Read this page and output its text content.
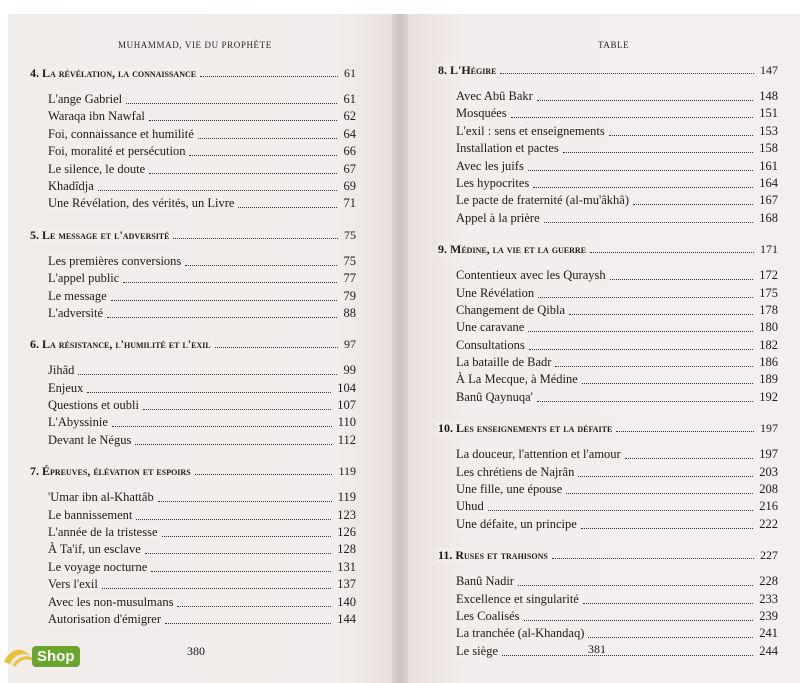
MUHAMMAD, VIE DU PROPHÈTE	TABLE
4. La révélation, la connaissance	61
L'ange Gabriel	61
Waraqa ibn Nawfal	62
Foi, connaissance et humilité	64
Foi, moralité et persécution	66
Le silence, le doute	67
Khadîdja	69
Une Révélation, des vérités, un Livre	71
5. Le message et l'adversité	75
Les premières conversions	75
L'appel public	77
Le message	79
L'adversité	88
6. La résistance, l'humilité et l'exil	97
Jihâd	99
Enjeux	104
Questions et oubli	107
L'Abyssinie	110
Devant le Négus	112
7. Épreuves, élévation et espoirs	119
'Umar ibn al-Khattâb	119
Le bannissement	123
L'année de la tristesse	126
À Ta'if, un esclave	128
Le voyage nocturne	131
Vers l'exil	137
Avec les non-musulmans	140
Autorisation d'émigrer	144
8. L'Hégire	147
Avec Abû Bakr	148
Mosquées	151
L'exil : sens et enseignements	153
Installation et pactes	158
Avec les juifs	161
Les hypocrites	164
Le pacte de fraternité (al-mu'âkhâ)	167
Appel à la prière	168
9. Médine, la vie et la guerre	171
Contentieux avec les Quraysh	172
Une Révélation	175
Changement de Qibla	178
Une caravane	180
Consultations	182
La bataille de Badr	186
À La Mecque, à Médine	189
Banû Qaynuqa'	192
10. Les enseignements et la défaite	197
La douceur, l'attention et l'amour	197
Les chrétiens de Najrân	203
Une fille, une épouse	208
Uhud	216
Une défaite, un principe	222
11. Ruses et trahisons	227
Banû Nadir	228
Excellence et singularité	233
Les Coalisés	239
La tranchée (al-Khandaq)	241
Le siège	244
380	381
Shop
